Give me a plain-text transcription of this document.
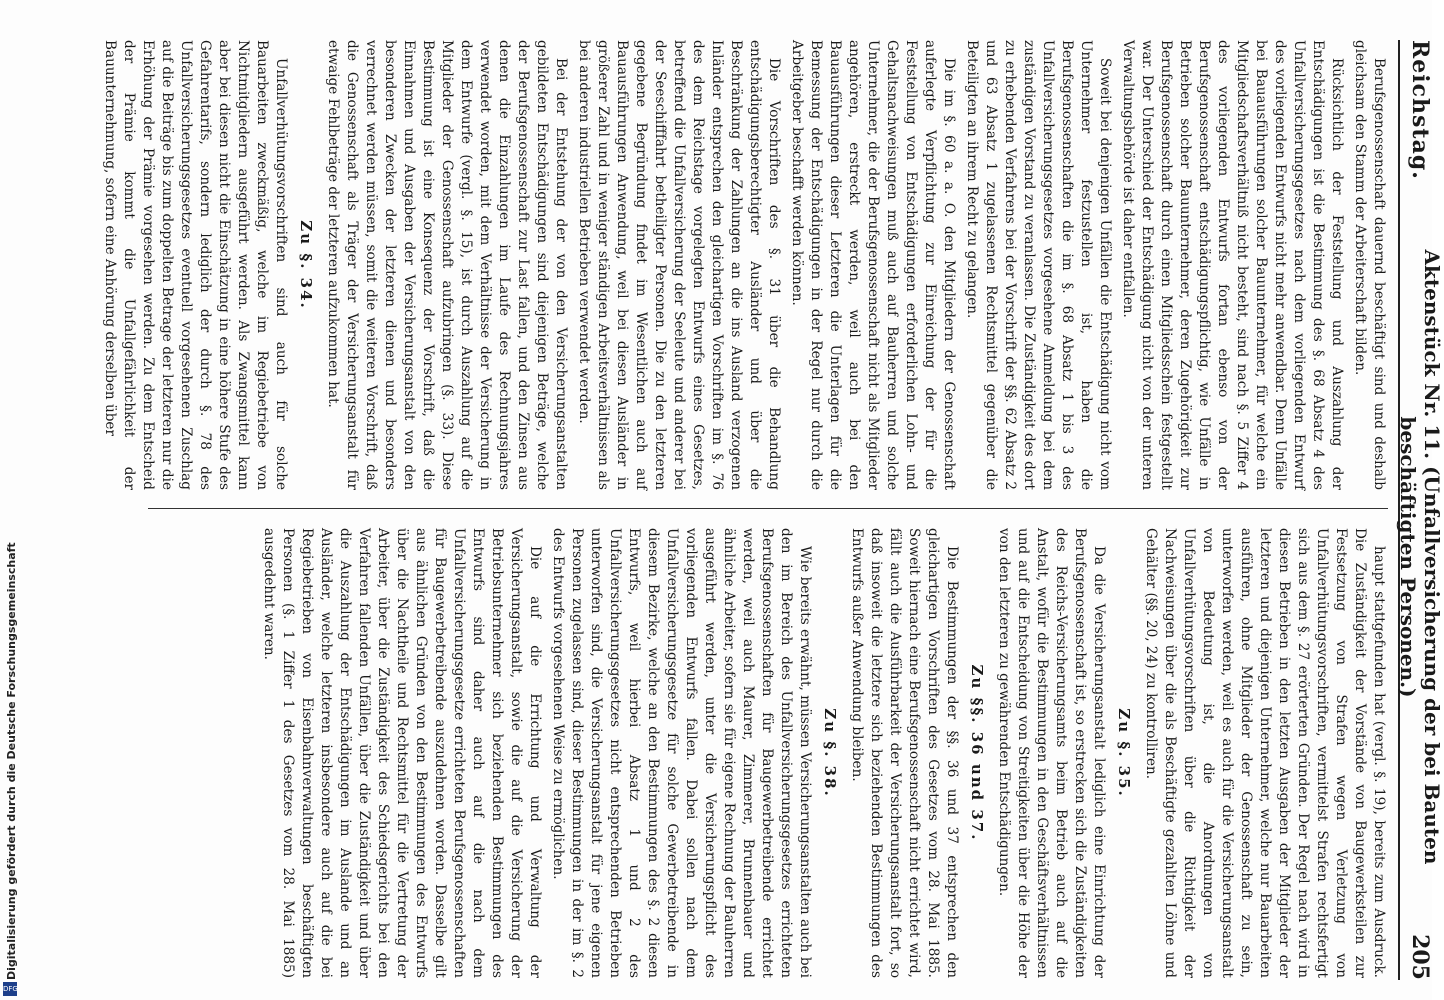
Digitalisierung gefördert durch die Deutsche Forschungsgemeinschaft
DFG
Reichstag.
Aktenstück Nr. 11. (Unfallversicherung der bei Bauten beschäftigten Personen.)
205

Berufsgenossenschaft dauernd beschäftigt sind und deshalb gleichsam den Stamm der Arbeiterschaft bilden.

Rücksichtlich der Feststellung und Auszahlung der Entschädigungen ist die Bestimmung des §. 68 Absatz 4 des Unfallversicherungsgesetzes nach dem vorliegenden Entwurf des vorliegenden Entwurfs nicht mehr anwendbar. Denn Unfälle bei Bauausführungen solcher Bauunternehmer, für welche ein Mitgliedschaftsverhältniß nicht besteht, sind nach §. 5 Ziffer 4 des vorliegenden Entwurfs fortan ebenso von der Berufsgenossenschaft entschädigungspflichtig, wie Unfälle in Betrieben solcher Bauunternehmer, deren Zugehörigkeit zur Berufsgenossenschaft durch einen Mitgliedsschein festgestellt war. Der Unterschied der Entschädigung nicht von der unteren Verwaltungsbehörde ist daher entfallen.

Soweit bei denjenigen Unfällen die Entschädigung nicht vom Unternehmer festzustellen ist, haben die Berufsgenossenschaften die im §. 68 Absatz 1 bis 3 des Unfallversicherungsgesetzes vorgesehene Anmeldung bei dem zuständigen Vorstand zu veranlassen. Die Zuständigkeit des dort zu erhebenden Verfahrens bei der Vorschrift der §§. 62 Absatz 2 und 63 Absatz 1 zugelassenen Rechtsmittel gegenüber die Beteiligten an ihrem Recht zu gelangen.

Die im §. 60 a. a. O. den Mitgliedern der Genossenschaft auferlegte Verpflichtung zur Einreichung der für die Feststellung von Entschädigungen erforderlichen Lohn- und Gehaltsnachweisungen muß auch auf Bauherren und solche Unternehmer, die der Berufsgenossenschaft nicht als Mitglieder angehören, erstreckt werden, weil auch bei den Bauausführungen dieser Letzteren die Unterlagen für die Bemessung der Entschädigungen in der Regel nur durch die Arbeitgeber beschafft werden können.

Die Vorschriften des §. 31 über die Behandlung entschädigungsberechtigter Ausländer und über die Beschränkung der Zahlungen an die ins Ausland verzogenen Inländer entsprechen den gleichartigen Vorschriften im §. 76 des dem Reichstage vorgelegten Entwurfs eines Gesetzes, betreffend die Unfallversicherung der Seeleute und anderer bei der Seeschifffahrt betheiligter Personen. Die zu den letzteren gegebene Begründung findet im Wesentlichen auch auf Bauausführungen Anwendung, weil bei diesen Ausländer in größerer Zahl und in weniger ständigen Arbeitsverhältnissen als bei anderen industriellen Betrieben verwendet werden.

Bei der Entstehung der von den Versicherungsanstalten gebildeten Entschädigungen sind diejenigen Beträge, welche der Berufsgenossenschaft zur Last fallen, und den Zinsen aus denen die Einzahlungen im Laufe des Rechnungsjahres verwendet worden, mit dem Verhältnisse der Versicherung in dem Entwurfe (vergl. §. 15), ist durch Auszahlung auf die Mitglieder der Genossenschaft aufzubringen (§. 33). Diese Bestimmung ist eine Konsequenz der Vorschrift, daß die Einnahmen und Ausgaben der Versicherungsanstalt von den besonderen Zwecken der letzteren dienen und besonders verrechnet werden müssen, somit die weiteren Vorschrift, daß die Genossenschaft als Träger der Versicherungsanstalt für etwaige Fehlbeträge der letzteren aufzukommen hat.

Zu §. 34.

Unfallverhütungsvorschriften sind auch für solche Bauarbeiten zweckmäßig, welche im Regiebetriebe von Nichtmitgliedern ausgeführt werden. Als Zwangsmittel kann aber bei diesen nicht die Einschätzung in eine höhere Stufe des Gefahrentarifs, sondern lediglich der durch §. 78 des Unfallversicherungsgesetzes eventuell vorgesehenen Zuschlag auf die Beiträge bis zum doppelten Betrage der letzteren nur die Erhöhung der Prämie vorgesehen werden. Zu dem Entscheid der Prämie kommt die Unfallgefährlichkeit der Bauunternehmung, sofern eine Anhörung derselben über

haupt stattgefunden hat (vergl. §. 19), bereits zum Ausdruck. Die Zuständigkeit der Vorstände von Baugewerksteilen zur Festsetzung von Strafen wegen Verletzung von Unfallverhütungsvorschriften, vermittelst Strafen rechtsfertigt sich aus dem §. 27 erörterten Gründen. Der Regel nach wird in diesen Betrieben in den letzten Ausgaben der Mitglieder der letzteren und diejenigen Unternehmer, welche nur Bauarbeiten ausführen, ohne Mitglieder der Genossenschaft zu sein, unterworfen werden, weil es auch für die Versicherungsanstalt von Bedeutung ist, die Anordnungen von Unfallverhütungsvorschriften über die Richtigkeit der Nachweisungen über die als Beschäftigte gezahlten Löhne und Gehälter (§§. 20, 24) zu kontrolliren.

Zu §. 35.

Da die Versicherungsanstalt lediglich eine Einrichtung der Berufsgenossenschaft ist, so erstrecken sich die Zuständigkeiten des Reichs-Versicherungsamts beim Betrieb auch auf die Anstalt, wofür die Bestimmungen in den Geschäftsverhältnissen und auf die Entscheidung von Streitigkeiten über die Höhe der von den letzteren zu gewährenden Entschädigungen.

Zu §§. 36 und 37.

Die Bestimmungen der §§. 36 und 37 entsprechen den gleichartigen Vorschriften des Gesetzes vom 28. Mai 1885. Soweit hiernach eine Berufsgenossenschaft nicht errichtet wird, fällt auch die Ausführbarkeit der Versicherungsanstalt fort, so daß insoweit die letztere sich beziehenden Bestimmungen des Entwurfs außer Anwendung bleiben.

Zu §. 38.

Wie bereits erwähnt, müssen Versicherungsanstalten auch bei den im Bereich des Unfallversicherungsgesetzes errichteten Berufsgenossenschaften für Baugewerbetreibende errichtet werden, weil auch Maurer, Zimmerer, Brunnenbauer und ähnliche Arbeiter, sofern sie für eigene Rechnung der Bauherren ausgeführt werden, unter die Versicherungspflicht des vorliegenden Entwurfs fallen. Dabei sollen nach dem Unfallversicherungsgesetze für solche Gewerbetreibende in diesem Bezirke, welche an den Bestimmungen des §. 2 diesen Entwurfs, weil hierbei Absatz 1 und 2 des Unfallversicherungsgesetzes nicht entsprechenden Betrieben unterworfen sind, die Versicherungsanstalt für jene eigenen Personen zugelassen sind, dieser Bestimmungen in der im §. 2 des Entwurfs vorgesehenen Weise zu ermöglichen.

Die auf die Errichtung und Verwaltung der Versicherungsanstalt, sowie die auf die Versicherung der Betriebsunternehmer sich beziehenden Bestimmungen des Entwurfs sind daher auch auf die nach dem Unfallversicherungsgesetze errichteten Berufsgenossenschaften für Baugewerbetreibende auszudehnen worden. Dasselbe gilt aus ähnlichen Gründen von den Bestimmungen des Entwurfs über die Nachtheile und Rechtsmittel für die Vertretung der Arbeiter, über die Zuständigkeit des Schiedsgerichts bei den Verfahren fallenden Unfällen, über die Zuständigkeit und über die Auszahlung der Entschädigungen im Auslande und an Ausländer, welche letzteren insbesondere auch auf die bei Regiebetrieben von Eisenbahnverwaltungen beschäftigten Personen (§. 1 Ziffer 1 des Gesetzes vom 28. Mai 1885) ausgedehnt waren.
